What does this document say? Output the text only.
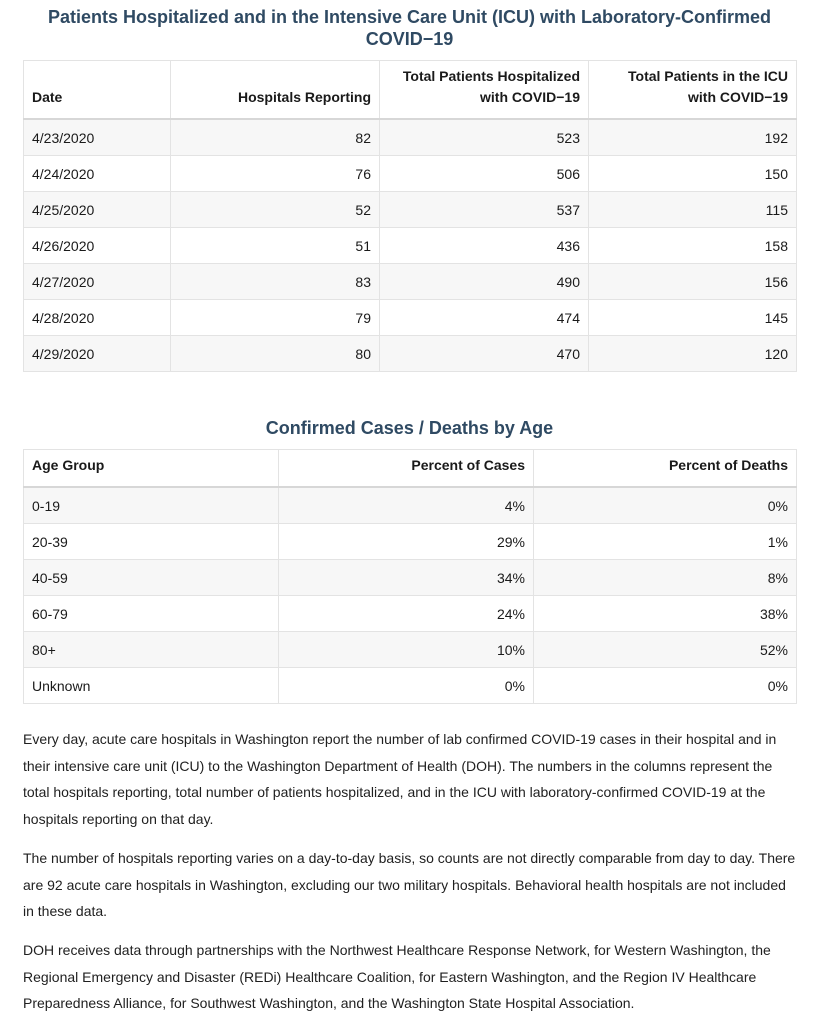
Patients Hospitalized and in the Intensive Care Unit (ICU) with Laboratory-Confirmed COVID−19
Date	Hospitals Reporting	Total Patients Hospitalized with COVID−19	Total Patients in the ICU with COVID−19
4/23/2020	82	523	192
4/24/2020	76	506	150
4/25/2020	52	537	115
4/26/2020	51	436	158
4/27/2020	83	490	156
4/28/2020	79	474	145
4/29/2020	80	470	120
Confirmed Cases / Deaths by Age
Age Group	Percent of Cases	Percent of Deaths
0-19	4%	0%
20-39	29%	1%
40-59	34%	8%
60-79	24%	38%
80+	10%	52%
Unknown	0%	0%

Every day, acute care hospitals in Washington report the number of lab confirmed COVID-19 cases in their hospital and in their intensive care unit (ICU) to the Washington Department of Health (DOH). The numbers in the columns represent the total hospitals reporting, total number of patients hospitalized, and in the ICU with laboratory-confirmed COVID-19 at the hospitals reporting on that day.

The number of hospitals reporting varies on a day-to-day basis, so counts are not directly comparable from day to day. There are 92 acute care hospitals in Washington, excluding our two military hospitals. Behavioral health hospitals are not included in these data.

DOH receives data through partnerships with the Northwest Healthcare Response Network, for Western Washington, the Regional Emergency and Disaster (REDi) Healthcare Coalition, for Eastern Washington, and the Region IV Healthcare Preparedness Alliance, for Southwest Washington, and the Washington State Hospital Association.
